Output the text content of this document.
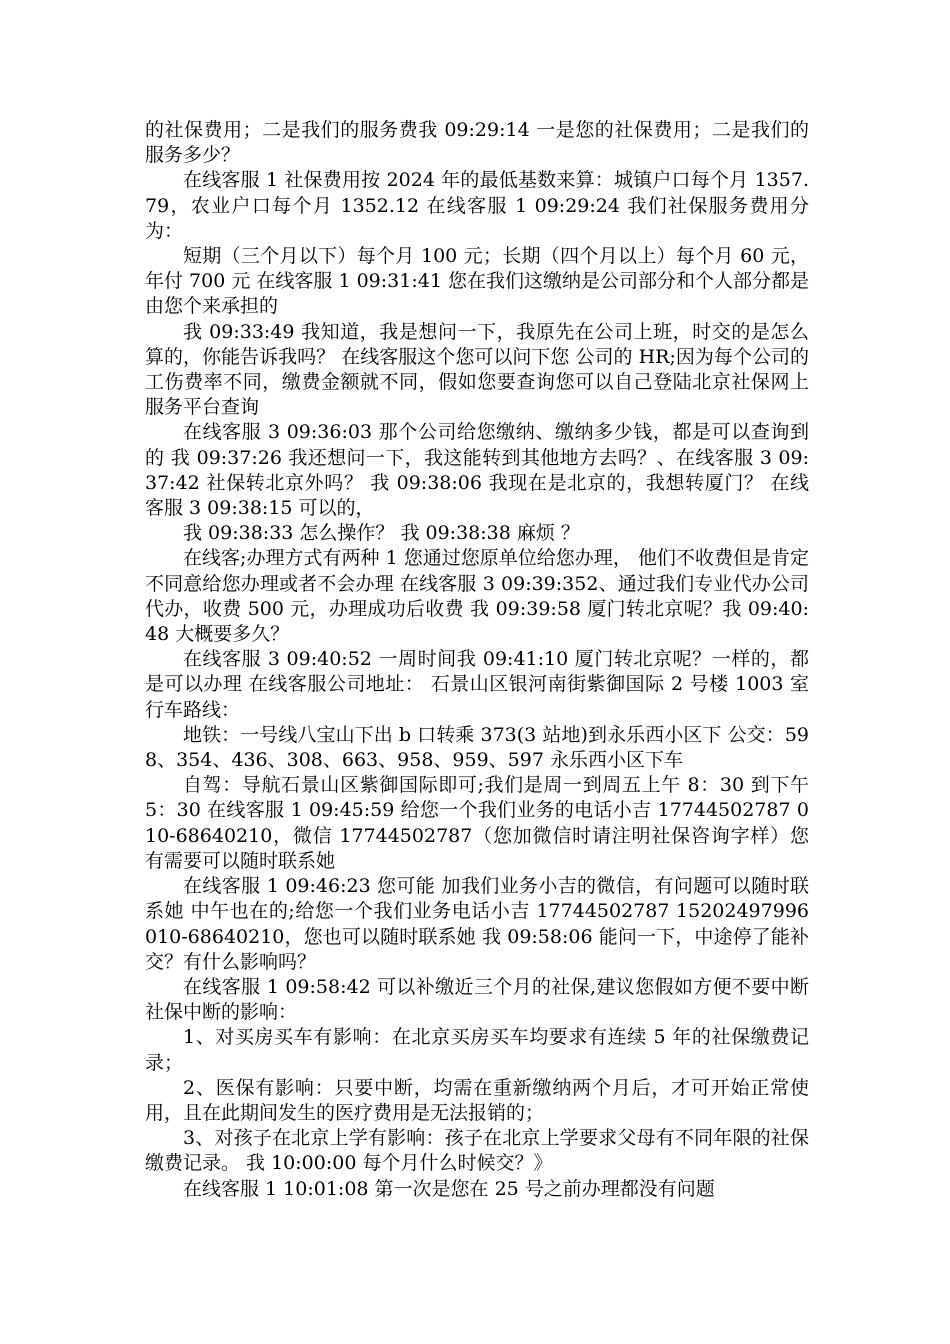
的社保费用；二是我们的服务费我 09:29:14 一是您的社保费用；二是我们的服务多少？

在线客服 1 社保费用按 2024 年的最低基数来算：城镇户口每个月 1357.79，农业户口每个月 1352.12 在线客服 1 09:29:24 我们社保服务费用分为：

短期（三个月以下）每个月 100 元；长期（四个月以上）每个月 60 元，年付 700 元 在线客服 1 09:31:41 您在我们这缴纳是公司部分和个人部分都是由您个来承担的

我 09:33:49 我知道，我是想问一下，我原先在公司上班，时交的是怎么算的，你能告诉我吗？ 在线客服这个您可以问下您 公司的 HR;因为每个公司的工伤费率不同，缴费金额就不同，假如您要查询您可以自己登陆北京社保网上服务平台查询

在线客服 3 09:36:03 那个公司给您缴纳、缴纳多少钱，都是可以查询到的 我 09:37:26 我还想问一下，我这能转到其他地方去吗？、在线客服 3 09:37:42 社保转北京外吗？ 我 09:38:06 我现在是北京的，我想转厦门？ 在线客服 3 09:38:15 可以的，

我 09:38:33 怎么操作？ 我 09:38:38 麻烦 ？

在线客;办理方式有两种 1 您通过您原单位给您办理， 他们不收费但是肯定不同意给您办理或者不会办理 在线客服 3 09:39:352、通过我们专业代办公司代办，收费 500 元，办理成功后收费 我 09:39:58 厦门转北京呢？我 09:40:48 大概要多久？

在线客服 3 09:40:52 一周时间我 09:41:10 厦门转北京呢？一样的，都是可以办理 在线客服公司地址： 石景山区银河南街紫御国际 2 号楼 1003 室 行车路线：

地铁：一号线八宝山下出 b 口转乘 373(3 站地)到永乐西小区下 公交：598、354、436、308、663、958、959、597 永乐西小区下车

自驾：导航石景山区紫御国际即可;我们是周一到周五上午 8：30 到下午 5：30 在线客服 1 09:45:59 给您一个我们业务的电话小吉 17744502787 010-68640210，微信 17744502787（您加微信时请注明社保咨询字样）您有需要可以随时联系她

在线客服 1 09:46:23 您可能 加我们业务小吉的微信，有问题可以随时联系她 中午也在的;给您一个我们业务电话小吉 17744502787 15202497996 010-68640210，您也可以随时联系她 我 09:58:06 能问一下，中途停了能补交？有什么影响吗？

在线客服 1 09:58:42 可以补缴近三个月的社保,建议您假如方便不要中断 社保中断的影响：

1、对买房买车有影响：在北京买房买车均要求有连续 5 年的社保缴费记录；

2、医保有影响：只要中断，均需在重新缴纳两个月后，才可开始正常使用，且在此期间发生的医疗费用是无法报销的；

3、对孩子在北京上学有影响：孩子在北京上学要求父母有不同年限的社保缴费记录。 我 10:00:00 每个月什么时候交？》

在线客服 1 10:01:08 第一次是您在 25 号之前办理都没有问题
